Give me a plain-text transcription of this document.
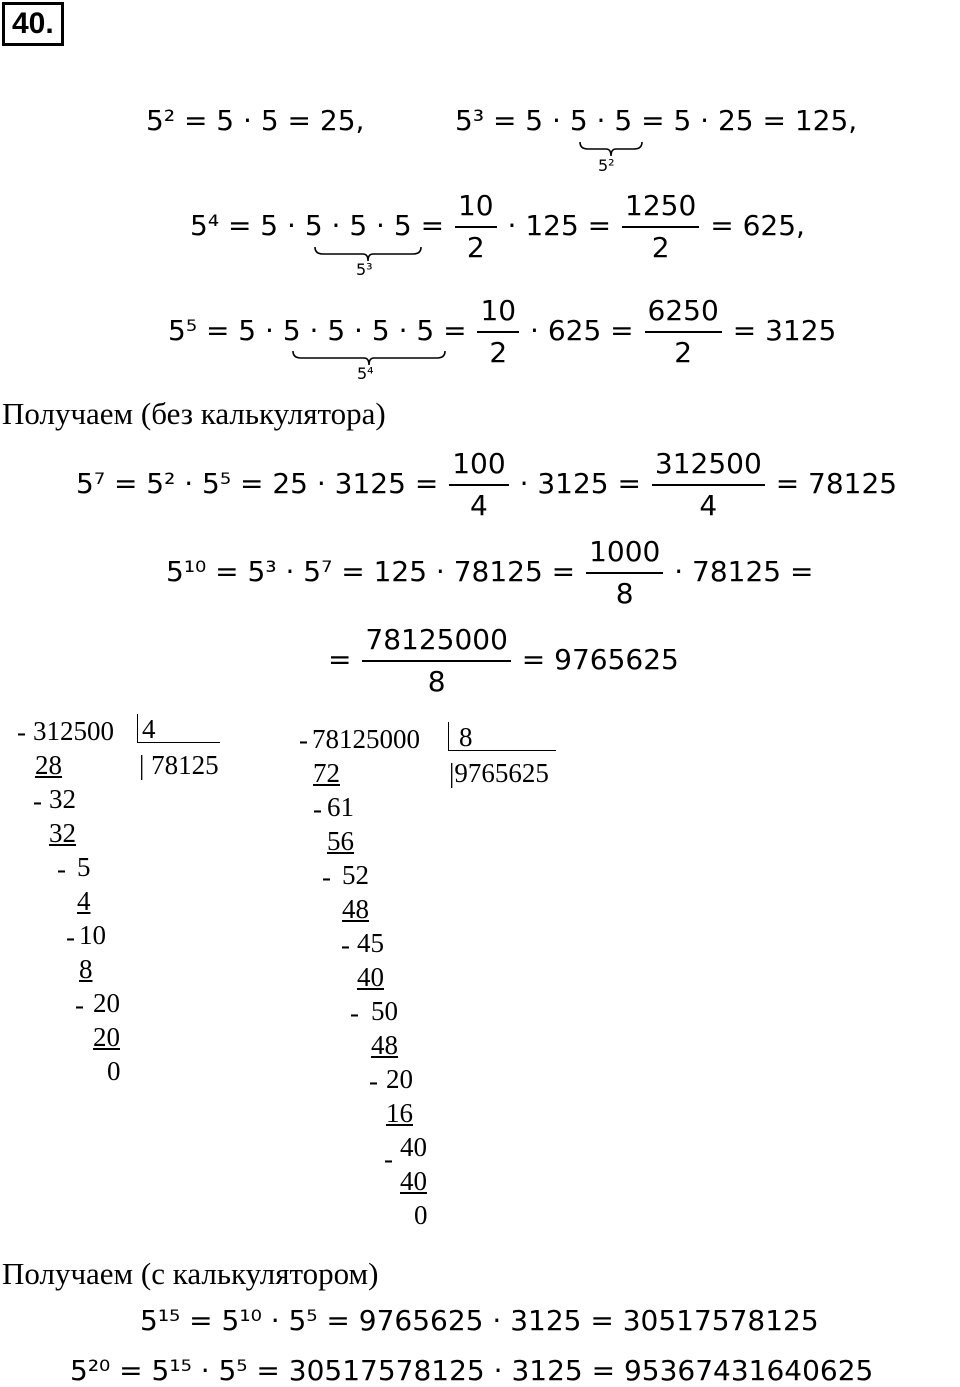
40.
5² = 5 · 5 = 25,	5³ = 5 · 5 · 5 = 5 · 25 = 125,
5²
$5^4 = 5 \cdot 5 \cdot 5 \cdot 5 = \frac{10}{2} \cdot 125 = \frac{1250}{2} = 625$,
5³
$5^5 = 5 \cdot 5 \cdot 5 \cdot 5 \cdot 5 = \frac{10}{2} \cdot 625 = \frac{6250}{2} = 3125$
5⁴
Получаем (без калькулятора)
$5^7 = 5^2 \cdot 5^5 = 25 \cdot 3125 = \frac{100}{4} \cdot 3125 = \frac{312500}{4} = 78125$
$5^{10} = 5^3 \cdot 5^7 = 125 \cdot 78125 = \frac{1000}{8} \cdot 78125$ =
= $\frac{78125000}{8} = 9765625$
- 312500 4
| 78125
28
- 32
32
- 5
4
- 10
8
- 20
20
0
- 78125000	8
|9765625
72
- 61
56
- 52
48
- 45
40
- 50
48
- 20
16
- 40
40
0
Получаем (с калькулятором)
5¹⁵ = 5¹⁰ · 5⁵ = 9765625 · 3125 = 30517578125
5²⁰ = 5¹⁵ · 5⁵ = 30517578125 · 3125 = 95367431640625
